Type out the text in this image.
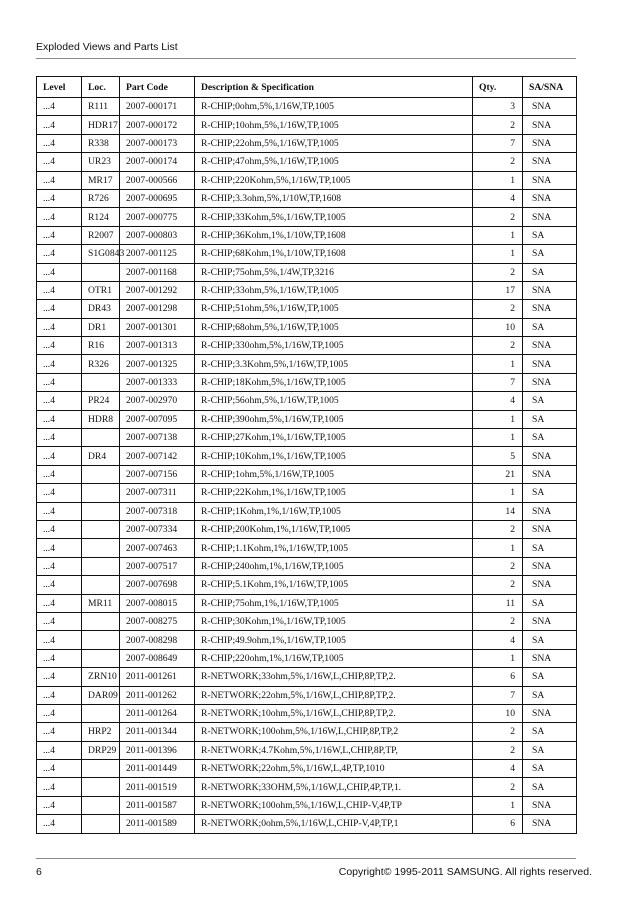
Exploded Views and Parts List
Level	Loc.	Part Code	Description & Specification	Qty.	SA/SNA
...4	R111	2007-000171	R-CHIP;0ohm,5%,1/16W,TP,1005	3	SNA
...4	HDR17	2007-000172	R-CHIP;10ohm,5%,1/16W,TP,1005	2	SNA
...4	R338	2007-000173	R-CHIP;22ohm,5%,1/16W,TP,1005	7	SNA
...4	UR23	2007-000174	R-CHIP;47ohm,5%,1/16W,TP,1005	2	SNA
...4	MR17	2007-000566	R-CHIP;220Kohm,5%,1/16W,TP,1005	1	SNA
...4	R726	2007-000695	R-CHIP;3.3ohm,5%,1/10W,TP,1608	4	SNA
...4	R124	2007-000775	R-CHIP;33Kohm,5%,1/16W,TP,1005	2	SNA
...4	R2007	2007-000803	R-CHIP;36Kohm,1%,1/10W,TP,1608	1	SA
...4	S1G0843	2007-001125	R-CHIP;68Kohm,1%,1/10W,TP,1608	1	SA
...4		2007-001168	R-CHIP;75ohm,5%,1/4W,TP,3216	2	SA
...4	OTR1	2007-001292	R-CHIP;33ohm,5%,1/16W,TP,1005	17	SNA
...4	DR43	2007-001298	R-CHIP;51ohm,5%,1/16W,TP,1005	2	SNA
...4	DR1	2007-001301	R-CHIP;68ohm,5%,1/16W,TP,1005	10	SA
...4	R16	2007-001313	R-CHIP;330ohm,5%,1/16W,TP,1005	2	SNA
...4	R326	2007-001325	R-CHIP;3.3Kohm,5%,1/16W,TP,1005	1	SNA
...4		2007-001333	R-CHIP;18Kohm,5%,1/16W,TP,1005	7	SNA
...4	PR24	2007-002970	R-CHIP;56ohm,5%,1/16W,TP,1005	4	SA
...4	HDR8	2007-007095	R-CHIP;390ohm,5%,1/16W,TP,1005	1	SA
...4		2007-007138	R-CHIP;27Kohm,1%,1/16W,TP,1005	1	SA
...4	DR4	2007-007142	R-CHIP;10Kohm,1%,1/16W,TP,1005	5	SNA
...4		2007-007156	R-CHIP;1ohm,5%,1/16W,TP,1005	21	SNA
...4		2007-007311	R-CHIP;22Kohm,1%,1/16W,TP,1005	1	SA
...4		2007-007318	R-CHIP;1Kohm,1%,1/16W,TP,1005	14	SNA
...4		2007-007334	R-CHIP;200Kohm,1%,1/16W,TP,1005	2	SNA
...4		2007-007463	R-CHIP;1.1Kohm,1%,1/16W,TP,1005	1	SA
...4		2007-007517	R-CHIP;240ohm,1%,1/16W,TP,1005	2	SNA
...4		2007-007698	R-CHIP;5.1Kohm,1%,1/16W,TP,1005	2	SNA
...4	MR11	2007-008015	R-CHIP;75ohm,1%,1/16W,TP,1005	11	SA
...4		2007-008275	R-CHIP;30Kohm,1%,1/16W,TP,1005	2	SNA
...4		2007-008298	R-CHIP;49.9ohm,1%,1/16W,TP,1005	4	SA
...4		2007-008649	R-CHIP;220ohm,1%,1/16W,TP,1005	1	SNA
...4	ZRN10	2011-001261	R-NETWORK;33ohm,5%,1/16W,L,CHIP,8P,TP,2.	6	SA
...4	DAR09	2011-001262	R-NETWORK;22ohm,5%,1/16W,L,CHIP,8P,TP,2.	7	SA
...4		2011-001264	R-NETWORK;10ohm,5%,1/16W,L,CHIP,8P,TP,2.	10	SNA
...4	HRP2	2011-001344	R-NETWORK;100ohm,5%,1/16W,L,CHIP,8P,TP,2	2	SA
...4	DRP29	2011-001396	R-NETWORK;4.7Kohm,5%,1/16W,L,CHIP,8P,TP,	2	SA
...4		2011-001449	R-NETWORK;22ohm,5%,1/16W,L,4P,TP,1010	4	SA
...4		2011-001519	R-NETWORK;33OHM,5%,1/16W,L,CHIP,4P,TP,1.	2	SA
...4		2011-001587	R-NETWORK;100ohm,5%,1/16W,L,CHIP-V,4P,TP	1	SNA
...4		2011-001589	R-NETWORK;0ohm,5%,1/16W,L,CHIP-V,4P,TP,1	6	SNA
6	Copyright© 1995-2011 SAMSUNG. All rights reserved.
